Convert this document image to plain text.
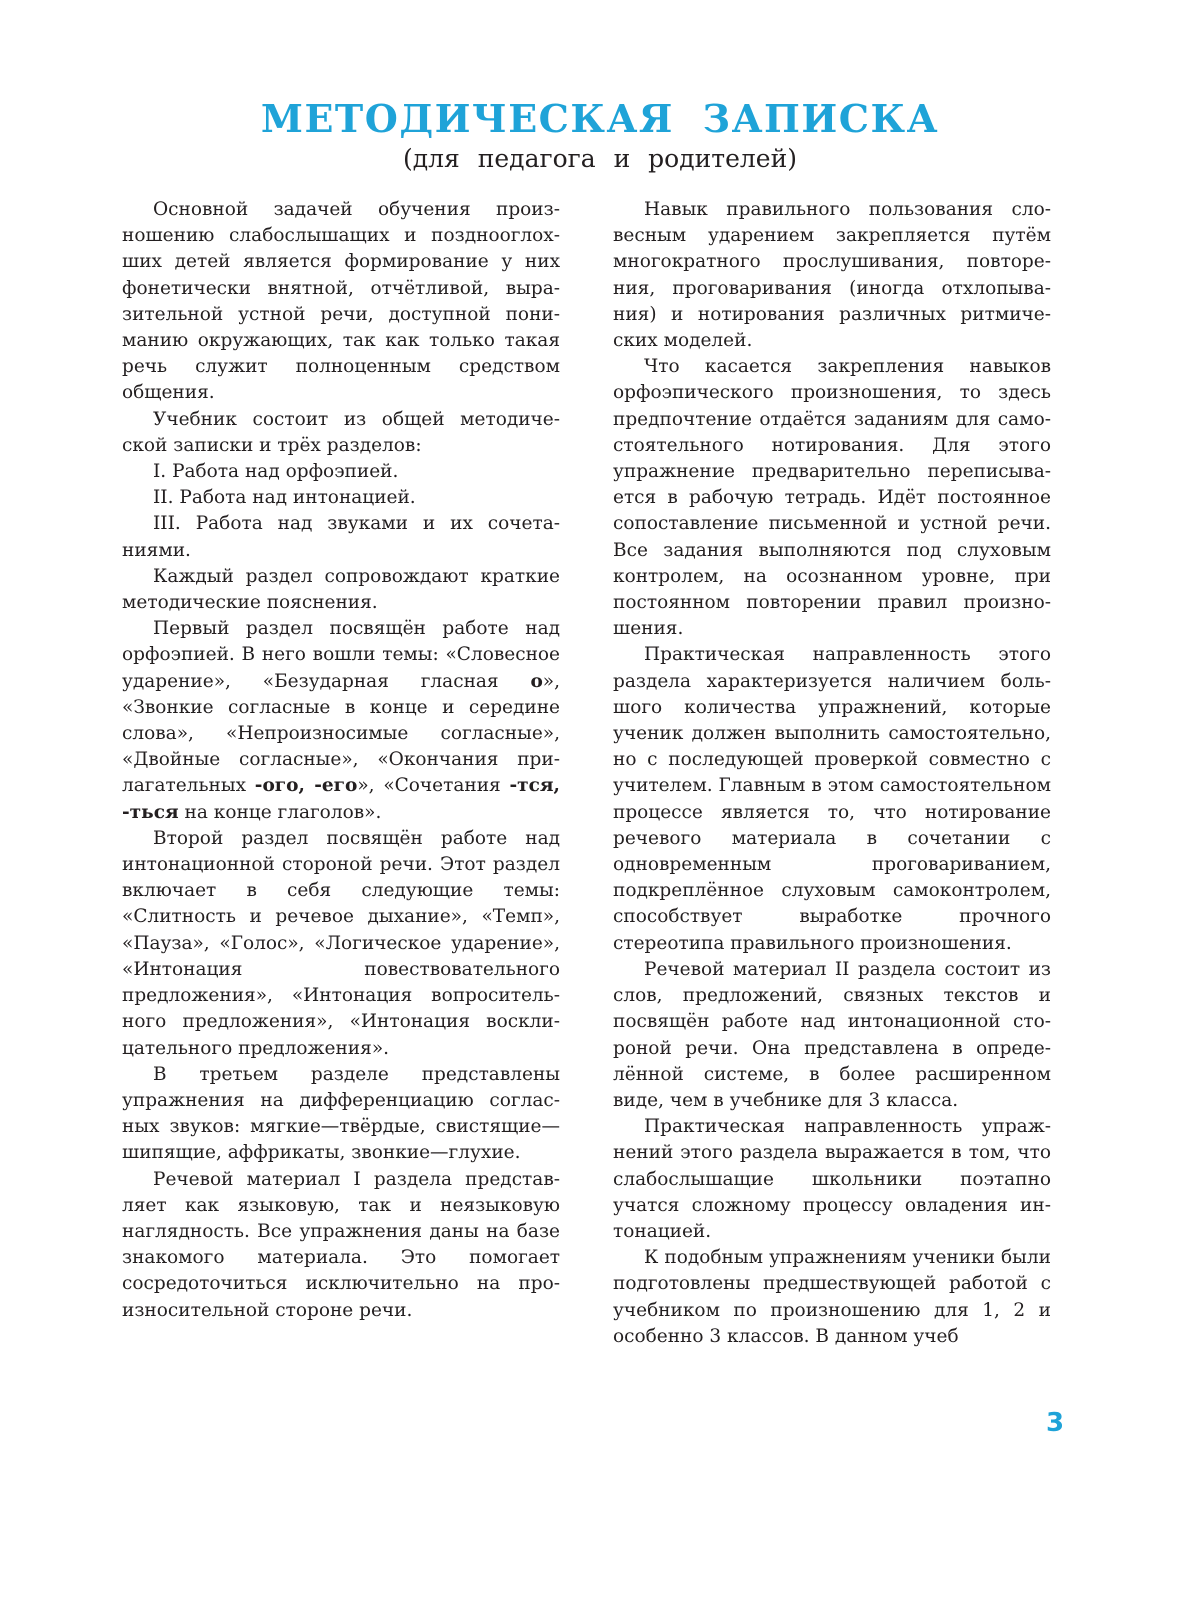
МЕТОДИЧЕСКАЯ ЗАПИСКА
(для педагога и родителей)

Основной задачей обучения произношению слабослышащих и позднооглохших детей является формирование у них фонетически внятной, отчётливой, выразительной устной речи, доступной пониманию окружающих, так как только такая речь служит полноценным средством общения.

Учебник состоит из общей методической записки и трёх разделов:

I. Работа над орфоэпией.

II. Работа над интонацией.

III. Работа над звуками и их сочетаниями.

Каждый раздел сопровождают краткие методические пояснения.

Первый раздел посвящён работе над орфоэпией. В него вошли темы: «Словесное ударение», «Безударная гласная о», «Звонкие согласные в конце и середине слова», «Непроизносимые согласные», «Двойные согласные», «Окончания прилагательных -ого, -его», «Сочетания -тся, -ться на конце глаголов».

Второй раздел посвящён работе над интонационной стороной речи. Этот раздел включает в себя следующие темы: «Слитность и речевое дыхание», «Темп», «Пауза», «Голос», «Логическое ударение», «Интонация повествовательного предложения», «Интонация вопросительного предложения», «Интонация восклицательного предложения».

В третьем разделе представлены упражнения на дифференциацию согласных звуков: мягкие—твёрдые, свистящие—шипящие, аффрикаты, звонкие—глухие.

Речевой материал I раздела представляет как языковую, так и неязыковую наглядность. Все упражнения даны на базе знакомого материала. Это помогает сосредоточиться исключительно на произносительной стороне речи.

Навык правильного пользования словесным ударением закрепляется путём многократного прослушивания, повторения, проговаривания (иногда отхлопывания) и нотирования различных ритмических моделей.

Что касается закрепления навыков орфоэпического произношения, то здесь предпочтение отдаётся заданиям для самостоятельного нотирования. Для этого упражнение предварительно переписывается в рабочую тетрадь. Идёт постоянное сопоставление письменной и устной речи. Все задания выполняются под слуховым контролем, на осознанном уровне, при постоянном повторении правил произношения.

Практическая направленность этого раздела характеризуется наличием большого количества упражнений, которые ученик должен выполнить самостоятельно, но с последующей проверкой совместно с учителем. Главным в этом самостоятельном процессе является то, что нотирование речевого материала в сочетании с одновременным проговариванием, подкреплённое слуховым самоконтролем, способствует выработке прочного стереотипа правильного произношения.

Речевой материал II раздела состоит из слов, предложений, связных текстов и посвящён работе над интонационной стороной речи. Она представлена в определённой системе, в более расширенном виде, чем в учебнике для 3 класса.

Практическая направленность упражнений этого раздела выражается в том, что слабослышащие школьники поэтапно учатся сложному процессу овладения интонацией.

К подобным упражнениям ученики были подготовлены предшествующей работой с учебником по произношению для 1, 2 и особенно 3 классов. В данном учеб

3
